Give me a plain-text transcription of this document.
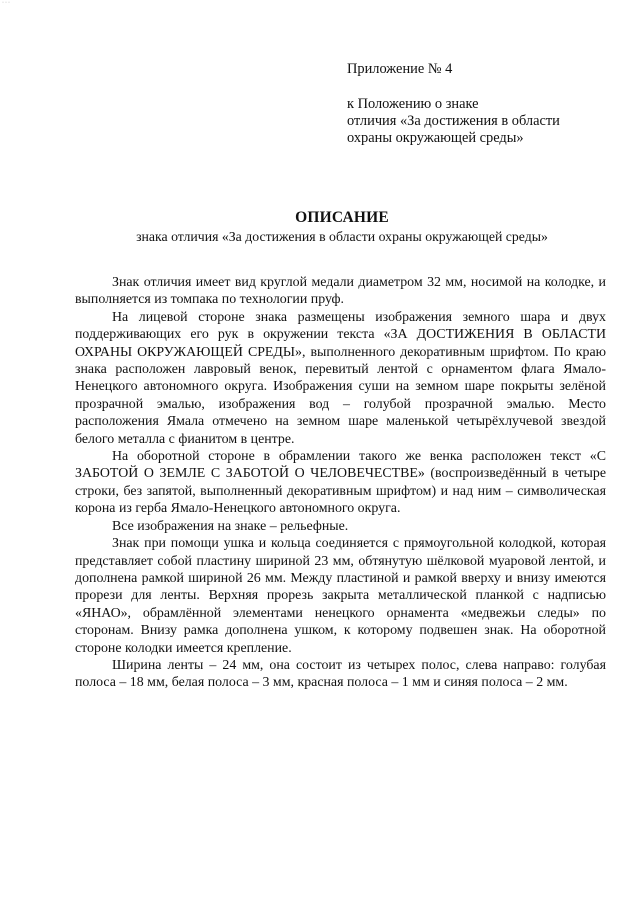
···
Приложение № 4
к Положению о знаке
отличия «За достижения в области
охраны окружающей среды»
ОПИСАНИЕ
знака отличия «За достижения в области охраны окружающей среды»

Знак отличия имеет вид круглой медали диаметром 32 мм, носимой на колодке, и выполняется из томпака по технологии пруф.

На лицевой стороне знака размещены изображения земного шара и двух поддерживающих его рук в окружении текста «ЗА ДОСТИЖЕНИЯ В ОБЛАСТИ ОХРАНЫ ОКРУЖАЮЩЕЙ СРЕДЫ», выполненного декоративным шрифтом. По краю знака расположен лавровый венок, перевитый лентой с орнаментом флага Ямало-Ненецкого автономного округа. Изображения суши на земном шаре покрыты зелёной прозрачной эмалью, изображения вод – голубой прозрачной эмалью. Место расположения Ямала отмечено на земном шаре маленькой четырёхлучевой звездой белого металла с фианитом в центре.

На оборотной стороне в обрамлении такого же венка расположен текст «С ЗАБОТОЙ О ЗЕМЛЕ С ЗАБОТОЙ О ЧЕЛОВЕЧЕСТВЕ» (воспроизведённый в четыре строки, без запятой, выполненный декоративным шрифтом) и над ним – символическая корона из герба Ямало-Ненецкого автономного округа.

Все изображения на знаке – рельефные.

Знак при помощи ушка и кольца соединяется с прямоугольной колодкой, которая представляет собой пластину шириной 23 мм, обтянутую шёлковой муаровой лентой, и дополнена рамкой шириной 26 мм. Между пластиной и рамкой вверху и внизу имеются прорези для ленты. Верхняя прорезь закрыта металлической планкой с надписью «ЯНАО», обрамлённой элементами ненецкого орнамента «медвежьи следы» по сторонам. Внизу рамка дополнена ушком, к которому подвешен знак. На оборотной стороне колодки имеется крепление.

Ширина ленты – 24 мм, она состоит из четырех полос, слева направо: голубая полоса – 18 мм, белая полоса – 3 мм, красная полоса – 1 мм и синяя полоса – 2 мм.
